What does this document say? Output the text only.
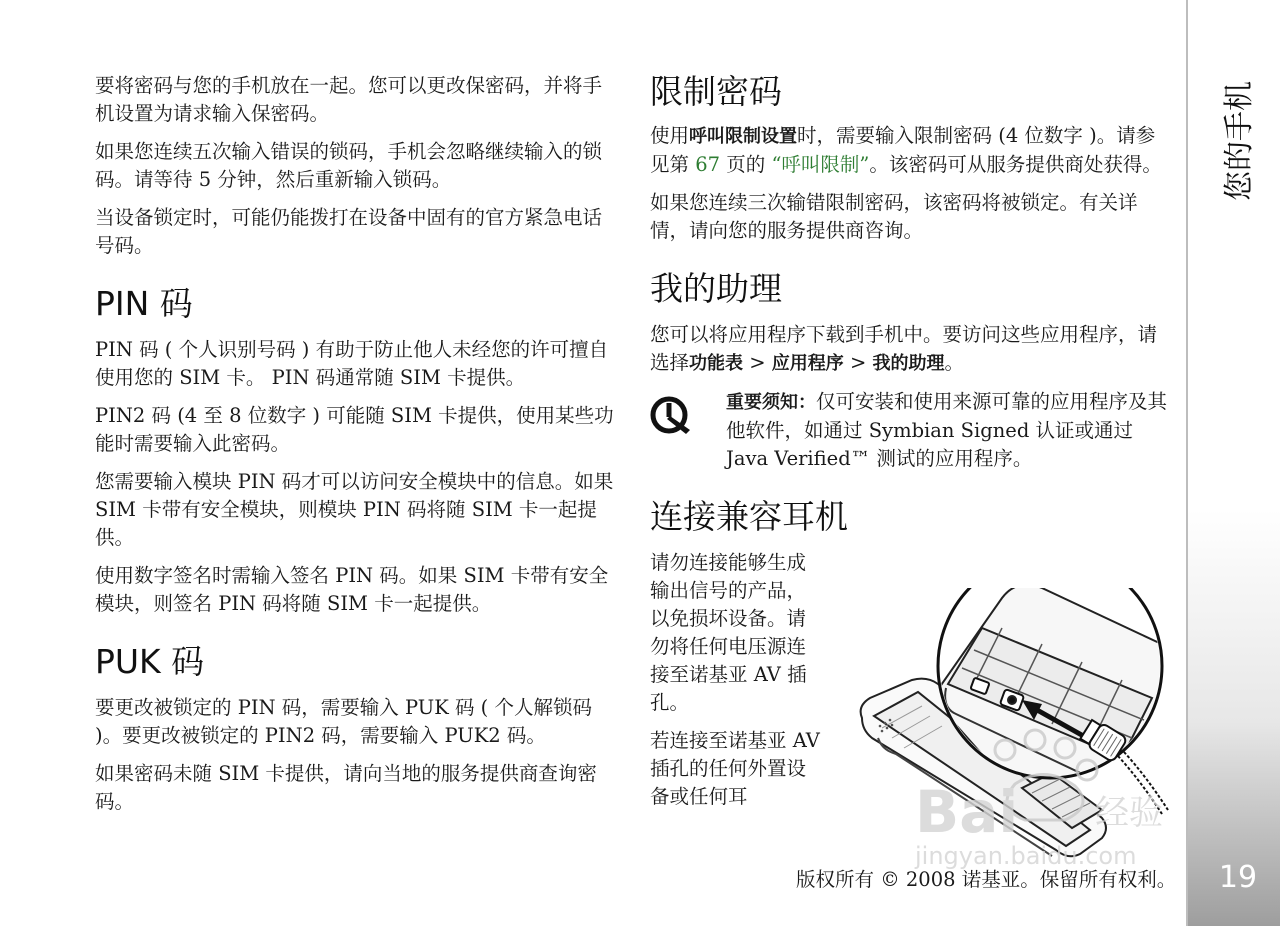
您的手机
19

要将密码与您的手机放在一起。您可以更改保密码，并将手机设置为请求输入保密码。

如果您连续五次输入错误的锁码，手机会忽略继续输入的锁码。请等待 5 分钟，然后重新输入锁码。

当设备锁定时，可能仍能拨打在设备中固有的官方紧急电话号码。

PIN 码

PIN 码 ( 个人识别号码 ) 有助于防止他人未经您的许可擅自使用您的 SIM 卡。 PIN 码通常随 SIM 卡提供。

PIN2 码 (4 至 8 位数字 ) 可能随 SIM 卡提供，使用某些功能时需要输入此密码。

您需要输入模块 PIN 码才可以访问安全模块中的信息。如果 SIM 卡带有安全模块，则模块 PIN 码将随 SIM 卡一起提供。

使用数字签名时需输入签名 PIN 码。如果 SIM 卡带有安全模块，则签名 PIN 码将随 SIM 卡一起提供。

PUK 码

要更改被锁定的 PIN 码，需要输入 PUK 码 ( 个人解锁码 )。要更改被锁定的 PIN2 码，需要输入 PUK2 码。

如果密码未随 SIM 卡提供，请向当地的服务提供商查询密码。

限制密码

使用呼叫限制设置时，需要输入限制密码 (4 位数字 )。请参见第 67 页的 “呼叫限制”。该密码可从服务提供商处获得。

如果您连续三次输错限制密码，该密码将被锁定。有关详情，请向您的服务提供商咨询。

我的助理

您可以将应用程序下载到手机中。要访问这些应用程序，请选择功能表 > 应用程序 > 我的助理。

重要须知：仅可安装和使用来源可靠的应用程序及其他软件，如通过 Symbian Signed 认证或通过 Java Verified™ 测试的应用程序。
连接兼容耳机

请勿连接能够生成输出信号的产品，以免损坏设备。请勿将任何电压源连接至诺基亚 AV 插孔。

若连接至诺基亚 AV 插孔的任何外置设备或任何耳	Bai 经验
jingyan.baidu.com
版权所有 © 2008 诺基亚。保留所有权利。
